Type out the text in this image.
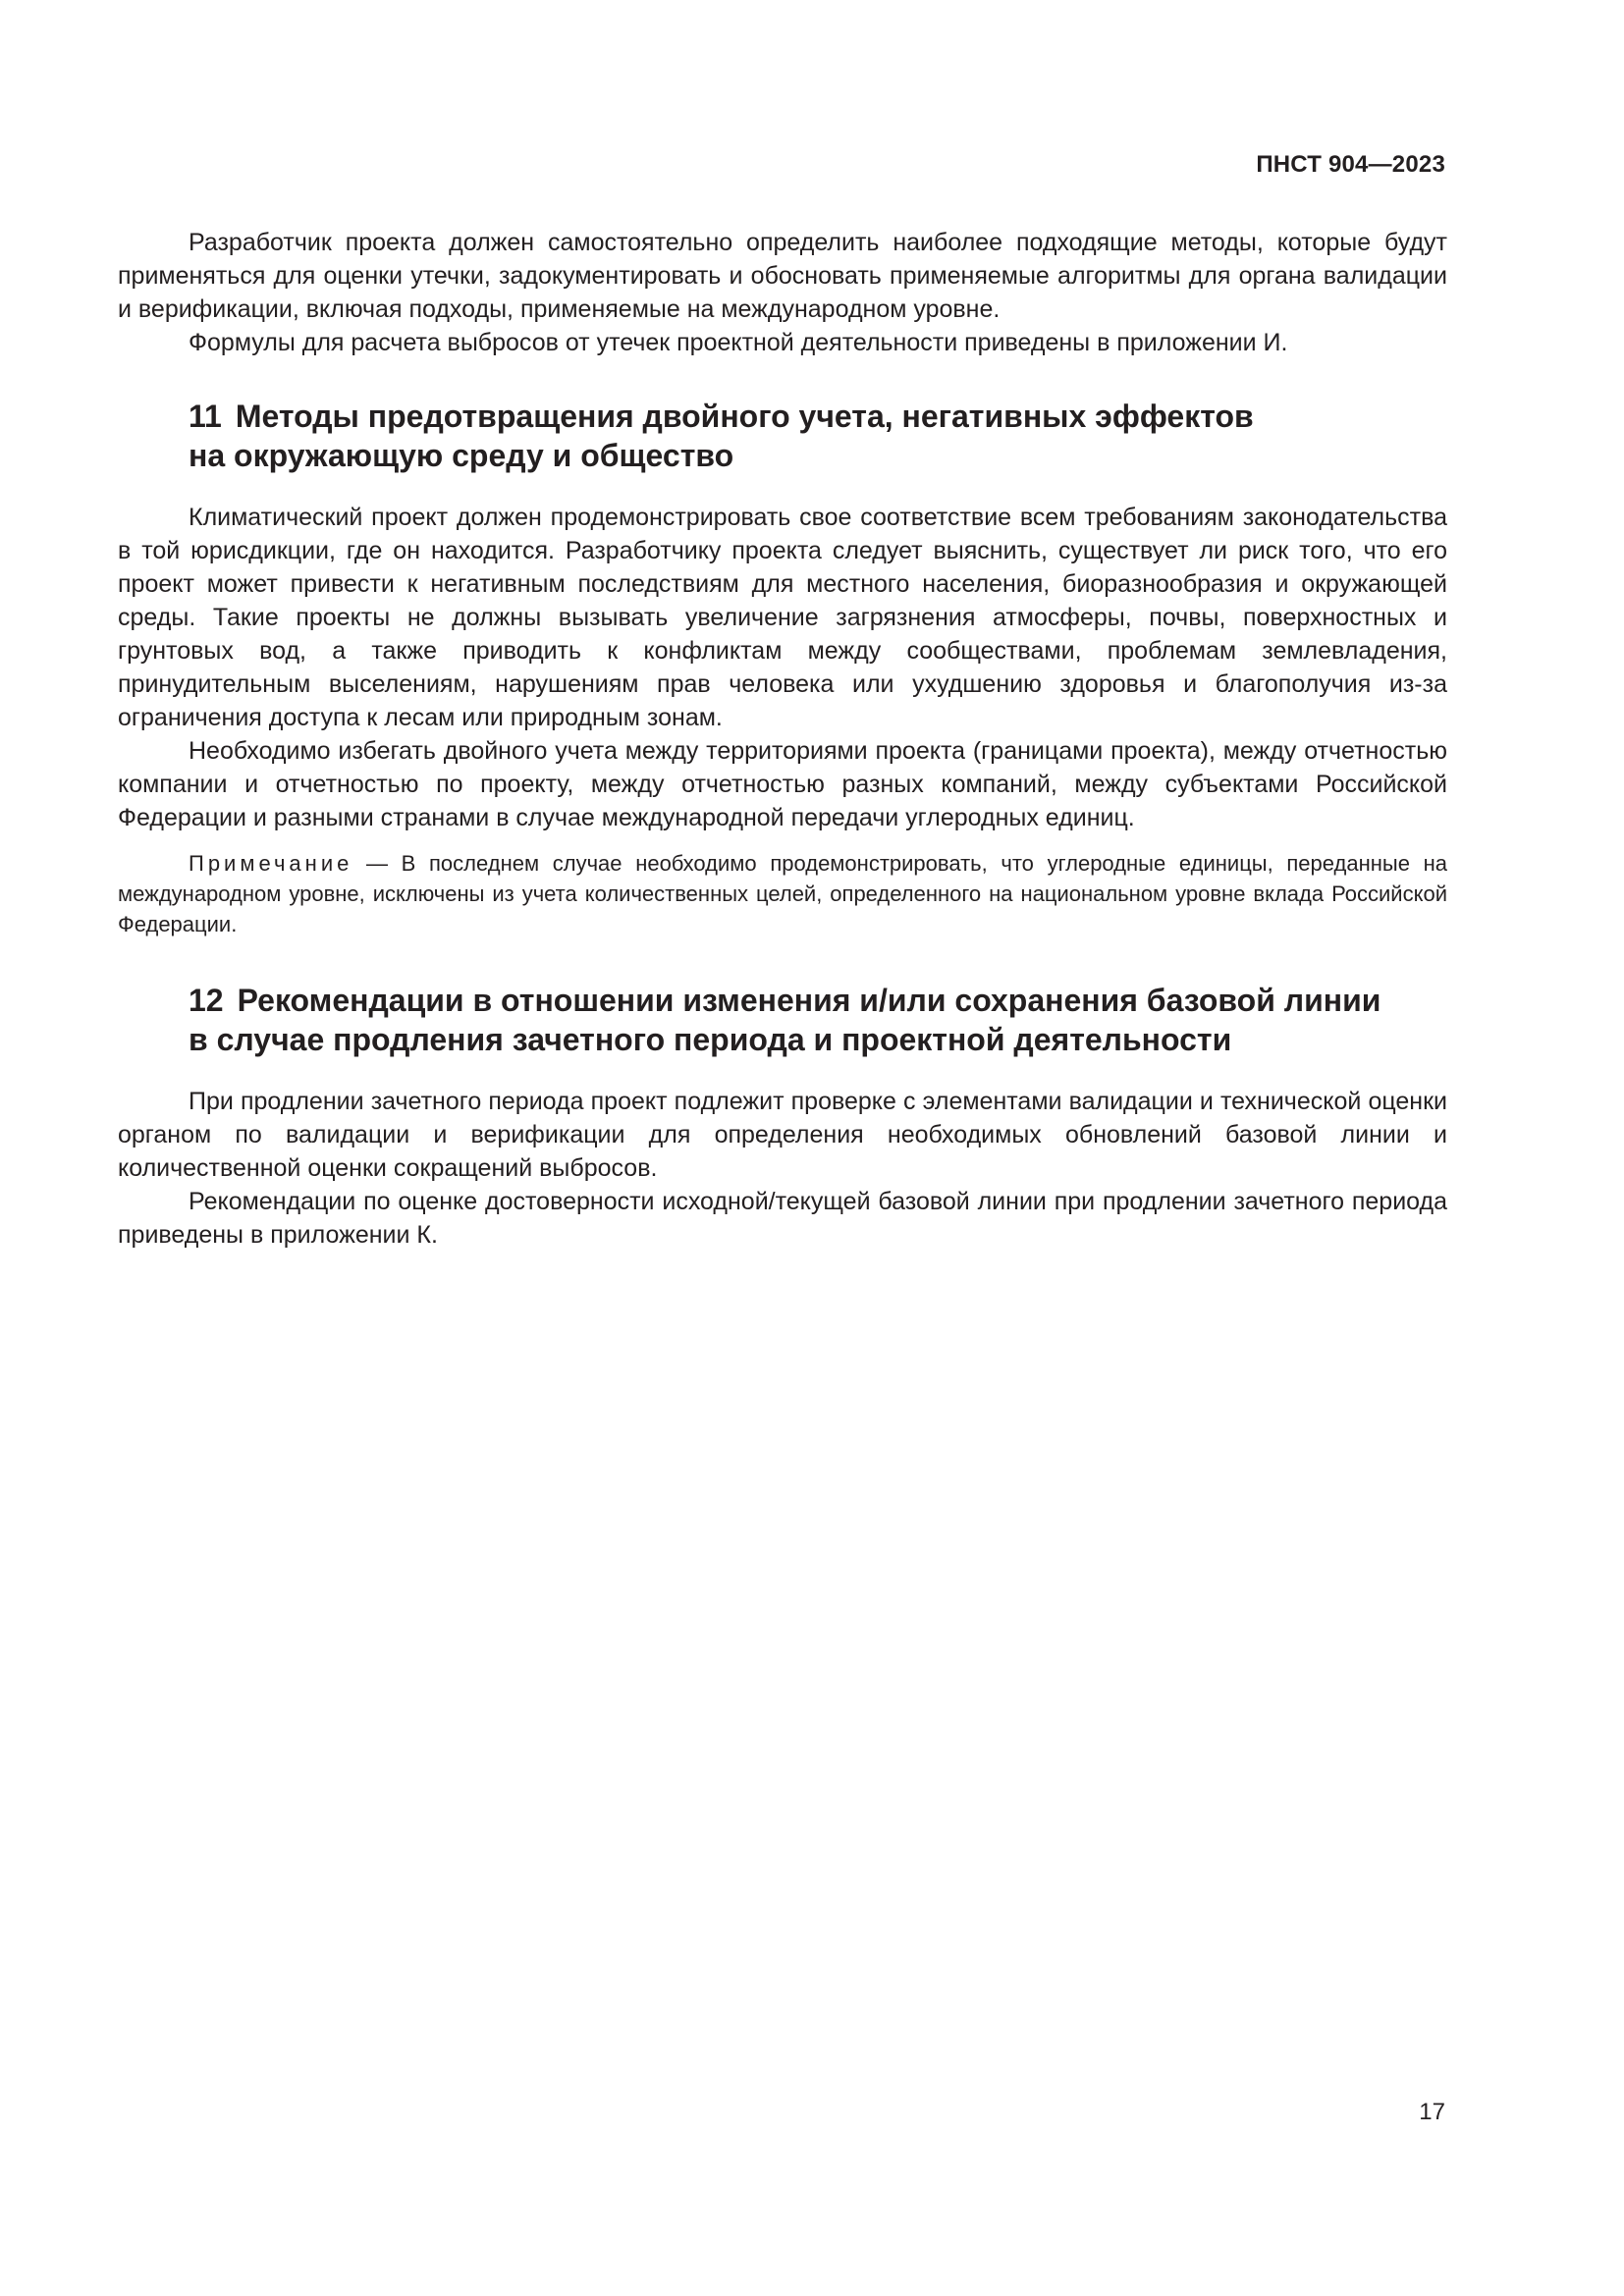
ПНСТ 904—2023

Разработчик проекта должен самостоятельно определить наиболее подходящие методы, которые будут применяться для оценки утечки, задокументировать и обосновать применяемые алгоритмы для органа валидации и верификации, включая подходы, применяемые на международном уровне.

Формулы для расчета выбросов от утечек проектной деятельности приведены в приложении И.

11 Методы предотвращения двойного учета, негативных эффектов
на окружающую среду и общество

Климатический проект должен продемонстрировать свое соответствие всем требованиям законодательства в той юрисдикции, где он находится. Разработчику проекта следует выяснить, существует ли риск того, что его проект может привести к негативным последствиям для местного населения, биоразнообразия и окружающей среды. Такие проекты не должны вызывать увеличение загрязнения атмосферы, почвы, поверхностных и грунтовых вод, а также приводить к конфликтам между сообществами, проблемам землевладения, принудительным выселениям, нарушениям прав человека или ухудшению здоровья и благополучия из-за ограничения доступа к лесам или природным зонам.

Необходимо избегать двойного учета между территориями проекта (границами проекта), между отчетностью компании и отчетностью по проекту, между отчетностью разных компаний, между субъектами Российской Федерации и разными странами в случае международной передачи углеродных единиц.

Примечание — В последнем случае необходимо продемонстрировать, что углеродные единицы, переданные на международном уровне, исключены из учета количественных целей, определенного на национальном уровне вклада Российской Федерации.

12 Рекомендации в отношении изменения и/или сохранения базовой линии
в случае продления зачетного периода и проектной деятельности

При продлении зачетного периода проект подлежит проверке с элементами валидации и технической оценки органом по валидации и верификации для определения необходимых обновлений базовой линии и количественной оценки сокращений выбросов.

Рекомендации по оценке достоверности исходной/текущей базовой линии при продлении зачетного периода приведены в приложении К.

17
